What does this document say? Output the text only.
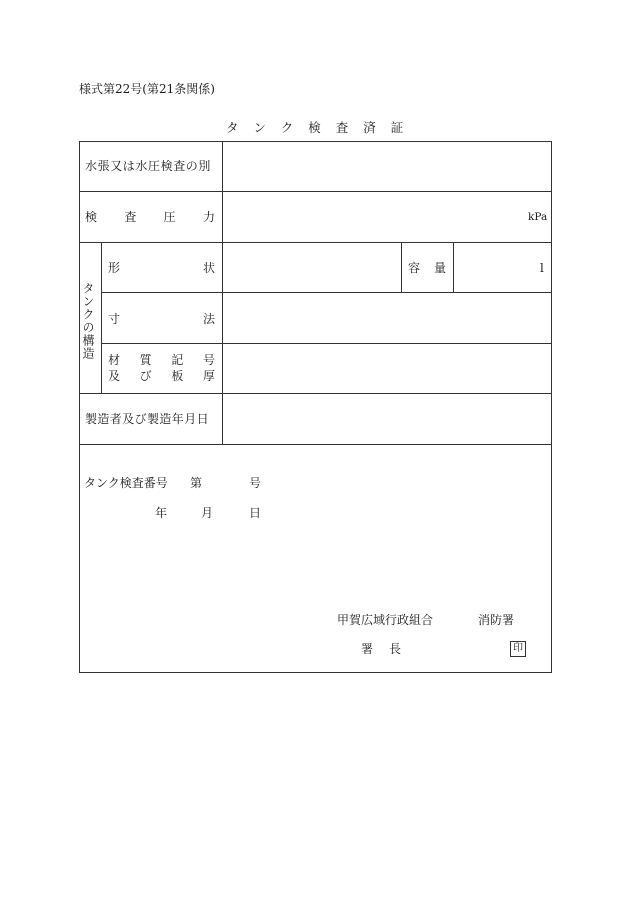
様式第22号(第21条関係)
タンク検査済証
水張又は水圧検査の別
検 査 圧 力	kPa
タンクの構造
形	状	容 量	l
寸	法
材 質 記 号
及 び 板 厚
製造者及び製造年月日
タンク検査番号 第	号
年	月	日
甲賀広域行政組合	消防署
署　長	印
